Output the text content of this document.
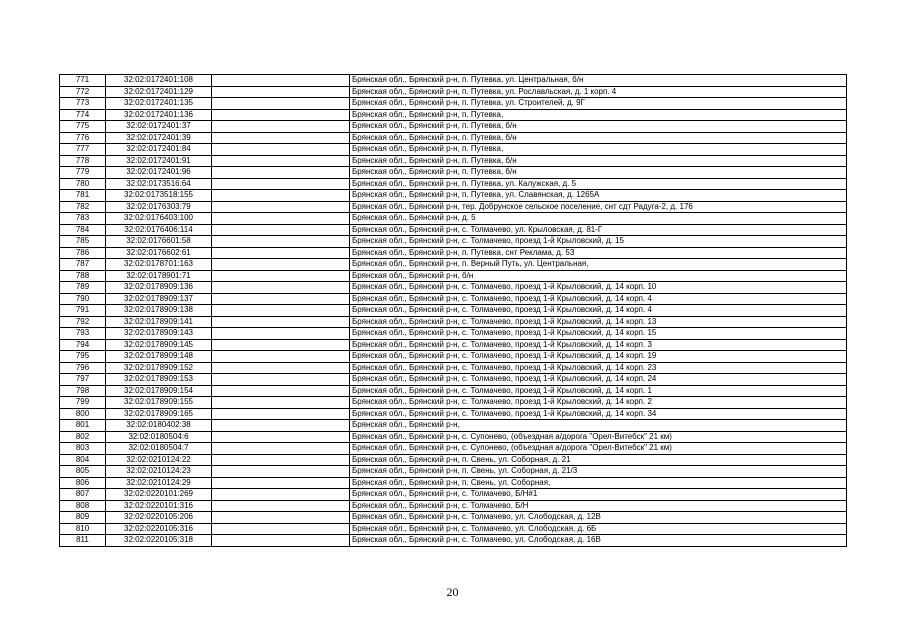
771	32:02:0172401:108		Брянская обл., Брянский р-н, п. Путевка, ул. Центральная, б/н
772	32:02:0172401:129		Брянская обл., Брянский р-н, п. Путевка, ул. Рославльская, д. 1 корп. 4
773	32:02:0172401:135		Брянская обл., Брянский р-н, п. Путевка, ул. Строителей, д. 9Г
774	32:02:0172401:136		Брянская обл., Брянский р-н, п. Путевка,
775	32:02:0172401:37		Брянская обл., Брянский р-н, п. Путевка, б/н
776	32:02:0172401:39		Брянская обл., Брянский р-н, п. Путевка, б/н
777	32:02:0172401:84		Брянская обл., Брянский р-н, п. Путевка,
778	32:02:0172401:91		Брянская обл., Брянский р-н, п. Путевка, б/н
779	32:02:0172401:96		Брянская обл., Брянский р-н, п. Путевка, б/н
780	32:02:0173516:64		Брянская обл., Брянский р-н, п. Путевка, ул. Калужская, д. 5
781	32:02:0173518:155		Брянская обл., Брянский р-н, п. Путевка, ул. Славянская, д. 1265А
782	32:02:0176303:79		Брянская обл., Брянский р-н, тер. Добрунское сельское поселение, снт сдт Радуга-2, д. 176
783	32:02:0176403:100		Брянская обл., Брянский р-н, д. 5
784	32:02:0176406:114		Брянская обл., Брянский р-н, с. Толмачево, ул. Крыловская, д. 81-Г
785	32:02:0176601:58		Брянская обл., Брянский р-н, с. Толмачево, проезд 1-й Крыловский, д. 15
786	32:02:0176602:61		Брянская обл., Брянский р-н, п. Путевка, снт Реклама, д. 53
787	32:02:0178701:163		Брянская обл., Брянский р-н, п. Верный Путь, ул. Центральная,
788	32:02:0178901:71		Брянская обл., Брянский р-н, б/н
789	32:02:0178909:136		Брянская обл., Брянский р-н, с. Толмачево, проезд 1-й Крыловский, д. 14 корп. 10
790	32:02:0178909:137		Брянская обл., Брянский р-н, с. Толмачево, проезд 1-й Крыловский, д. 14 корп. 4
791	32:02:0178909:138		Брянская обл., Брянский р-н, с. Толмачево, проезд 1-й Крыловский, д. 14 корп. 4
792	32:02:0178909:141		Брянская обл., Брянский р-н, с. Толмачево, проезд 1-й Крыловский, д. 14 корп. 13
793	32:02:0178909:143		Брянская обл., Брянский р-н, с. Толмачево, проезд 1-й Крыловский, д. 14 корп. 15
794	32:02:0178909:145		Брянская обл., Брянский р-н, с. Толмачево, проезд 1-й Крыловский, д. 14 корп. 3
795	32:02:0178909:148		Брянская обл., Брянский р-н, с. Толмачево, проезд 1-й Крыловский, д. 14 корп. 19
796	32:02:0178909:152		Брянская обл., Брянский р-н, с. Толмачево, проезд 1-й Крыловский, д. 14 корп. 23
797	32:02:0178909:153		Брянская обл., Брянский р-н, с. Толмачево, проезд 1-й Крыловский, д. 14 корп. 24
798	32:02:0178909:154		Брянская обл., Брянский р-н, с. Толмачево, проезд 1-й Крыловский, д. 14 корп. 1
799	32:02:0178909:155		Брянская обл., Брянский р-н, с. Толмачево, проезд 1-й Крыловский, д. 14 корп. 2
800	32:02:0178909:165		Брянская обл., Брянский р-н, с. Толмачево, проезд 1-й Крыловский, д. 14 корп. 34
801	32:02:0180402:38		Брянская обл., Брянский р-н,
802	32:02:0180504:6		Брянская обл., Брянский р-н, с. Супонево, (объездная а/дорога "Орел-Витебск" 21 км)
803	32:02:0180504:7		Брянская обл., Брянский р-н, с. Супонево, (объездная а/дорога "Орел-Витебск" 21 км)
804	32:02:0210124:22		Брянская обл., Брянский р-н, п. Свень, ул. Соборная, д. 21
805	32:02:0210124:23		Брянская обл., Брянский р-н, п. Свень, ул. Соборная, д. 21/3
806	32:02:0210124:29		Брянская обл., Брянский р-н, п. Свень, ул. Соборная,
807	32:02:0220101:269		Брянская обл., Брянский р-н, с. Толмачево, Б/Н#1
808	32:02:0220101:316		Брянская обл., Брянский р-н, с. Толмачево, Б/Н
809	32:02:0220105:206		Брянская обл., Брянский р-н, с. Толмачево, ул. Слободская, д. 12В
810	32:02:0220105:316		Брянская обл., Брянский р-н, с. Толмачево, ул. Слободская, д. 6Б
811	32:02:0220105:318		Брянская обл., Брянский р-н, с. Толмачево, ул. Слободская, д. 16В
20
